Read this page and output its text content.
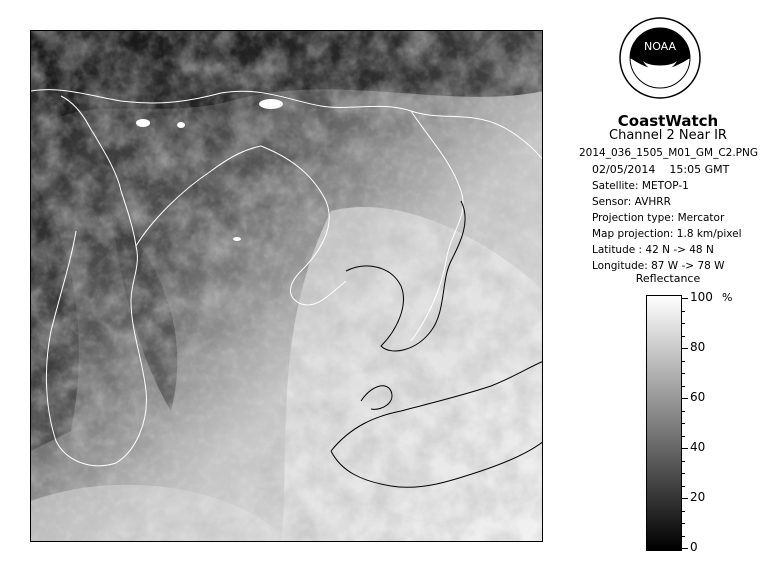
NOAA
CoastWatch
Channel 2 Near IR
2014_036_1505_M01_GM_C2.PNG
02/05/2014 15:05 GMT
Satellite: METOP-1
Sensor: AVHRR
Projection type: Mercator
Map projection: 1.8 km/pixel
Latitude : 42 N -> 48 N
Longitude: 87 W -> 78 W
Reflectance
%
100
80
60
40
20
0
